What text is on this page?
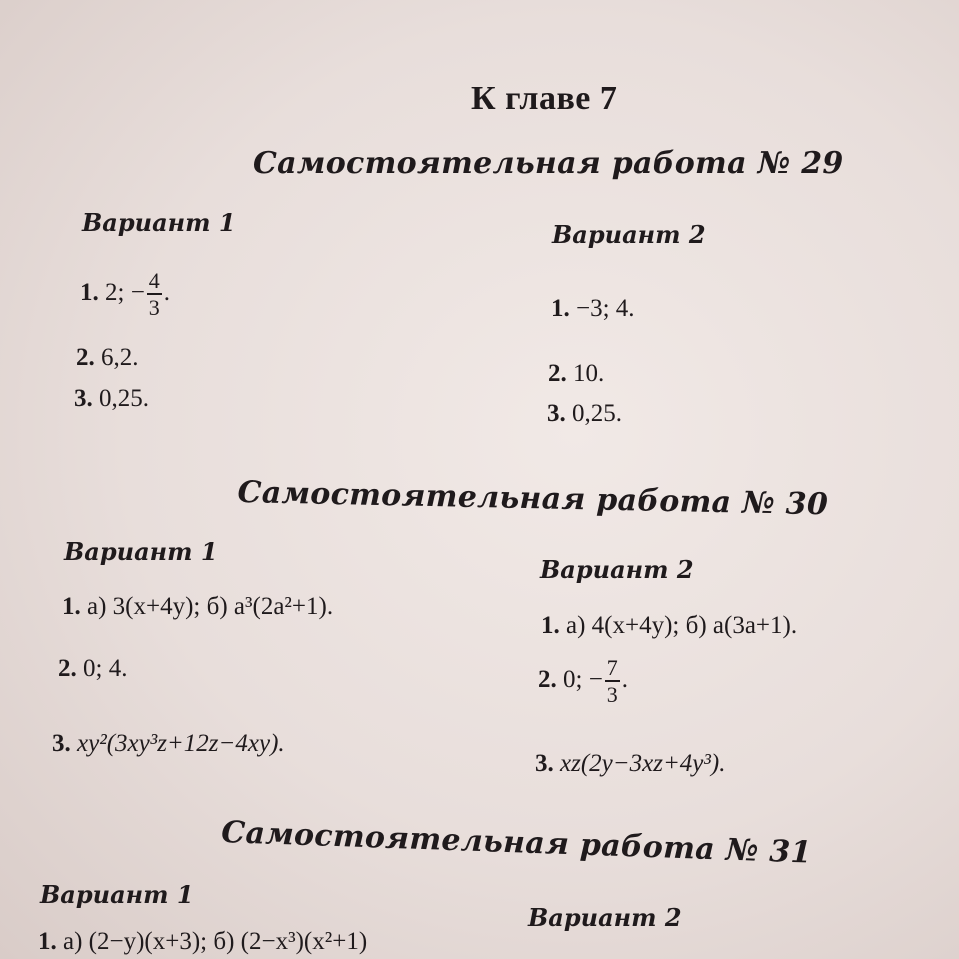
К главе 7
Самостоятельная работа № 29
Вариант 1
1. 2; − $\frac{4}{3}$ .
2. 6,2.
3. 0,25.
Вариант 2
1. −3; 4.
2. 10.
3. 0,25.
Самостоятельная работа № 30
Вариант 1
1. а) 3(x+4y); б) a³(2a²+1).
2. 0; 4.
3. xy²(3xy³z+12z−4xy).
Вариант 2
1. а) 4(x+4y); б) a(3a+1).
2. 0; − $\frac{7}{3}$ .
3. xz(2y−3xz+4y³).
Самостоятельная работа № 31
Вариант 1
1. а) (2−y)(x+3); б) (2−x³)(x²+1)
Вариант 2
